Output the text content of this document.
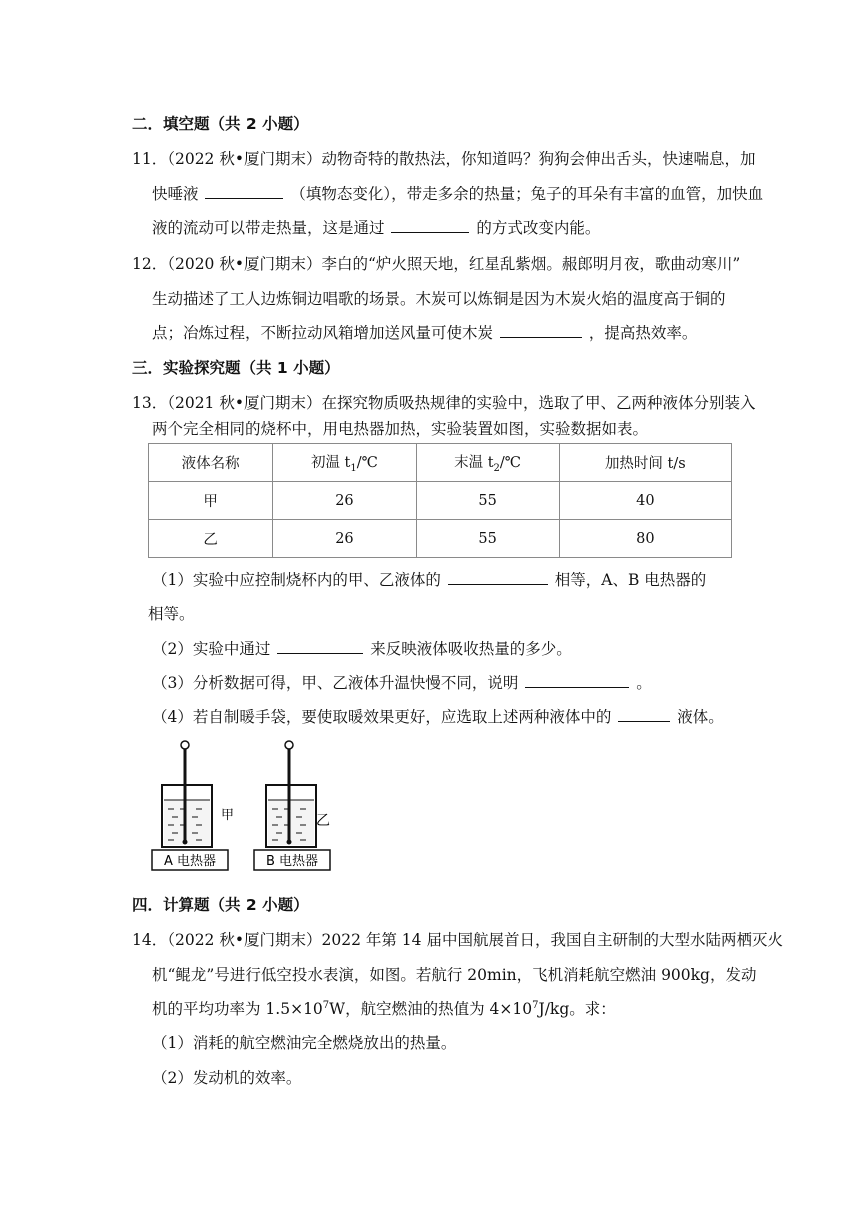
二．填空题（共 2 小题）
11．（2022 秋•厦门期末）动物奇特的散热法，你知道吗？狗狗会伸出舌头，快速喘息，加
快唾液	（填物态变化），带走多余的热量；兔子的耳朵有丰富的血管，加快血
液的流动可以带走热量，这是通过	的方式改变内能。
12．（2020 秋•厦门期末）李白的“炉火照天地，红星乱紫烟。赧郎明月夜，歌曲动寒川”
生动描述了工人边炼铜边唱歌的场景。木炭可以炼铜是因为木炭火焰的温度高于铜的
点；冶炼过程，不断拉动风箱增加送风量可使木炭	，提高热效率。
三．实验探究题（共 1 小题）
13．（2021 秋•厦门期末）在探究物质吸热规律的实验中，选取了甲、乙两种液体分别装入
两个完全相同的烧杯中，用电热器加热，实验装置如图，实验数据如表。
液体名称	初温 $t_1/℃$	末温 $t_2/℃$	加热时间 t/s
甲	26	55	40
乙	26	55	80
（1）实验中应控制烧杯内的甲、乙液体的	相等，A、B 电热器的
相等。
（2）实验中通过	来反映液体吸收热量的多少。
（3）分析数据可得，甲、乙液体升温快慢不同，说明	。
（4）若自制暖手袋，要使取暖效果更好，应选取上述两种液体中的	液体。
甲
A 电热器
乙
B 电热器
四．计算题（共 2 小题）
14．（2022 秋•厦门期末）2022 年第 14 届中国航展首日，我国自主研制的大型水陆两栖灭火
机“鲲龙”号进行低空投水表演，如图。若航行 20min，飞机消耗航空燃油 900kg，发动
机的平均功率为 $1.5\times 10^7W$，航空燃油的热值为 $4\times 10^7J/kg$。求：
（1）消耗的航空燃油完全燃烧放出的热量。
（2）发动机的效率。
